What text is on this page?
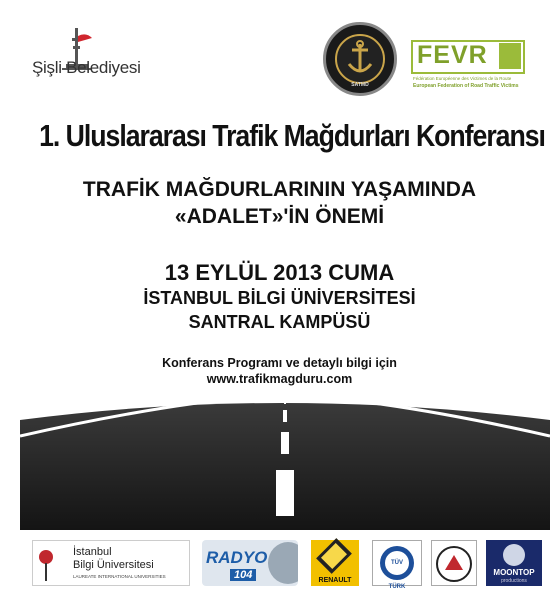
Şişli Belediyesi
SATMD
FEVR
Fédération Européenne des Victimes de la Route
European Federation of Road Traffic Victims
1. Uluslararası Trafik Mağdurları Konferansı
TRAFİK MAĞDURLARININ YAŞAMINDA
«ADALET»'İN ÖNEMİ
13 EYLÜL 2013 CUMA
İSTANBUL BİLGİ ÜNİVERSİTESİ
SANTRAL KAMPÜSÜ
Konferans Programı ve detaylı bilgi için
www.trafikmagduru.com
İstanbul
Bilgi Üniversitesi
LAUREATE INTERNATIONAL UNIVERSITIES
RADYO
104	RENAULT
TÜV TÜRK
MOONTOP
productions
